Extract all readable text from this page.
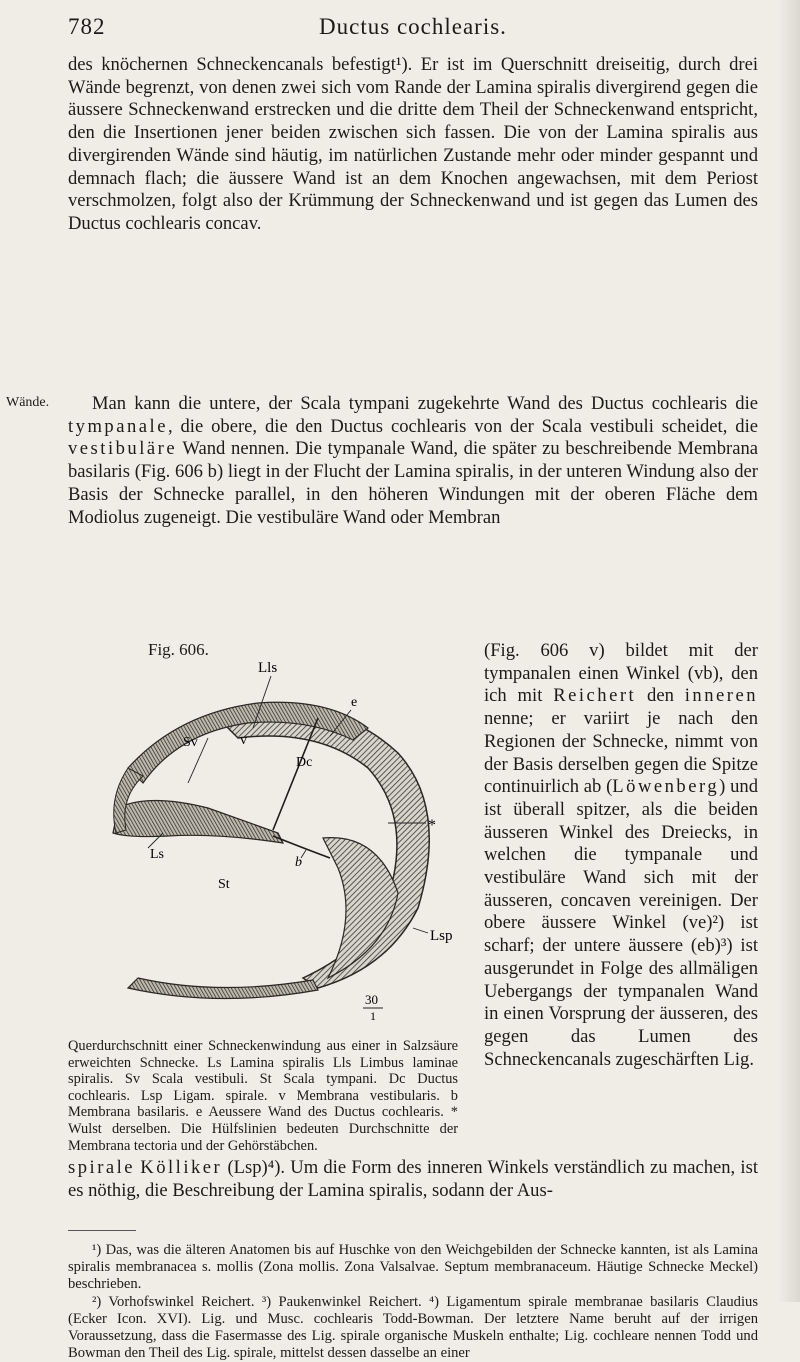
782	Ductus cochlearis.

des knöchernen Schneckencanals befestigt¹). Er ist im Querschnitt dreiseitig, durch drei Wände begrenzt, von denen zwei sich vom Rande der Lamina spiralis divergirend gegen die äussere Schneckenwand erstrecken und die dritte dem Theil der Schneckenwand entspricht, den die Insertionen jener beiden zwischen sich fassen. Die von der Lamina spiralis aus divergirenden Wände sind häutig, im natürlichen Zustande mehr oder minder gespannt und demnach flach; die äussere Wand ist an dem Knochen angewachsen, mit dem Periost verschmolzen, folgt also der Krümmung der Schneckenwand und ist gegen das Lumen des Ductus cochlearis concav.

Wände.	Man kann die untere, der Scala tympani zugekehrte Wand des Ductus cochlearis die tympanale, die obere, die den Ductus cochlearis von der Scala vestibuli scheidet, die vestibuläre Wand nennen. Die tympanale Wand, die später zu beschreibende Membrana basilaris (Fig. 606 b) liegt in der Flucht der Lamina spiralis, in der unteren Windung also der Basis der Schnecke parallel, in den höheren Windungen mit der oberen Fläche dem Modiolus zugeneigt. Die vestibuläre Wand oder Membran

Fig. 606.
Lls
Sv	v
Dc
e
*
Ls
b
St
Lsp
30
1
Querdurchschnitt einer Schneckenwindung aus einer in Salzsäure erweichten Schnecke. Ls Lamina spiralis Lls Limbus laminae spiralis. Sv Scala vestibuli. St Scala tympani. Dc Ductus cochlearis. Lsp Ligam. spirale. v Membrana vestibularis. b Membrana basilaris. e Aeussere Wand des Ductus cochlearis. * Wulst derselben. Die Hülfslinien bedeuten Durchschnitte der Membrana tectoria und der Gehörstäbchen.

(Fig. 606 v) bildet mit der tympanalen einen Winkel (vb), den ich mit Reichert den inneren nenne; er variirt je nach den Regionen der Schnecke, nimmt von der Basis derselben gegen die Spitze continuirlich ab (Löwenberg) und ist überall spitzer, als die beiden äusseren Winkel des Dreiecks, in welchen die tympanale und vestibuläre Wand sich mit der äusseren, concaven vereinigen. Der obere äussere Winkel (ve)²) ist scharf; der untere äussere (eb)³) ist ausgerundet in Folge des allmäligen Uebergangs der tympanalen Wand in einen Vorsprung der äusseren, des gegen das Lumen des Schneckencanals zugeschärften Lig.

spirale Kölliker (Lsp)⁴). Um die Form des inneren Winkels verständlich zu machen, ist es nöthig, die Beschreibung der Lamina spiralis, sodann der Aus-

¹) Das, was die älteren Anatomen bis auf Huschke von den Weichgebilden der Schnecke kannten, ist als Lamina spiralis membranacea s. mollis (Zona mollis. Zona Valsalvae. Septum membranaceum. Häutige Schnecke Meckel) beschrieben.

²) Vorhofswinkel Reichert. ³) Paukenwinkel Reichert. ⁴) Ligamentum spirale membranae basilaris Claudius (Ecker Icon. XVI). Lig. und Musc. cochlearis Todd-Bowman. Der letztere Name beruht auf der irrigen Voraussetzung, dass die Fasermasse des Lig. spirale organische Muskeln enthalte; Lig. cochleare nennen Todd und Bowman den Theil des Lig. spirale, mittelst dessen dasselbe an einer
